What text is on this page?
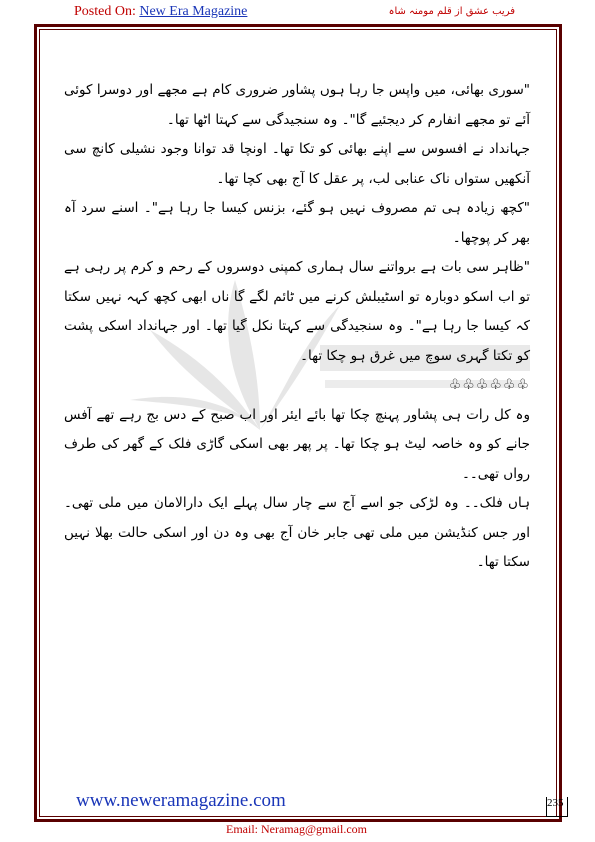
Posted On: New Era Magazine	فریب عشق از قلم مومنہ شاہ

"سوری بھائی، میں واپس جا رہا ہوں پشاور ضروری کام ہے مجھے اور دوسرا کوئی آئے تو مجھے انفارم کر دیجئیے گا"۔ وہ سنجیدگی سے کہتا اٹھا تھا۔

جہانداد نے افسوس سے اپنے بھائی کو تکا تھا۔ اونچا قد توانا وجود نشیلی کانچ سی آنکھیں ستواں ناک عنابی لب، پر عقل کا آج بھی کچا تھا۔

"کچھ زیادہ ہی تم مصروف نہیں ہو گئے، بزنس کیسا جا رہا ہے"۔ اسنے سرد آہ بھر کر پوچھا۔

"ظاہر سی بات ہے برواتنے سال ہماری کمپنی دوسروں کے رحم و کرم پر رہی ہے تو اب اسکو دوبارہ تو اسٹیبلش کرنے میں ٹائم لگے گا ناں ابھی کچھ کہہ نہیں سکتا کہ کیسا جا رہا ہے"۔ وہ سنجیدگی سے کہتا نکل گیا تھا۔ اور جہانداد اسکی پشت کو تکتا گہری سوچ میں غرق ہو چکا تھا۔

♧♧♧♧♧♧

وہ کل رات ہی پشاور پہنچ چکا تھا بائے ایئر اور اب صبح کے دس بج رہے تھے آفس جانے کو وہ خاصہ لیٹ ہو چکا تھا۔ پر پھر بھی اسکی گاڑی فلک کے گھر کی طرف رواں تھی۔۔

ہاں فلک۔۔ وہ لڑکی جو اسے آج سے چار سال پہلے ایک دارالامان میں ملی تھی۔ اور جس کنڈیشن میں ملی تھی جابر خان آج بھی وہ دن اور اسکی حالت بھلا نہیں سکتا تھا۔

www.neweramagazine.com	235
Email: Neramag@gmail.com
